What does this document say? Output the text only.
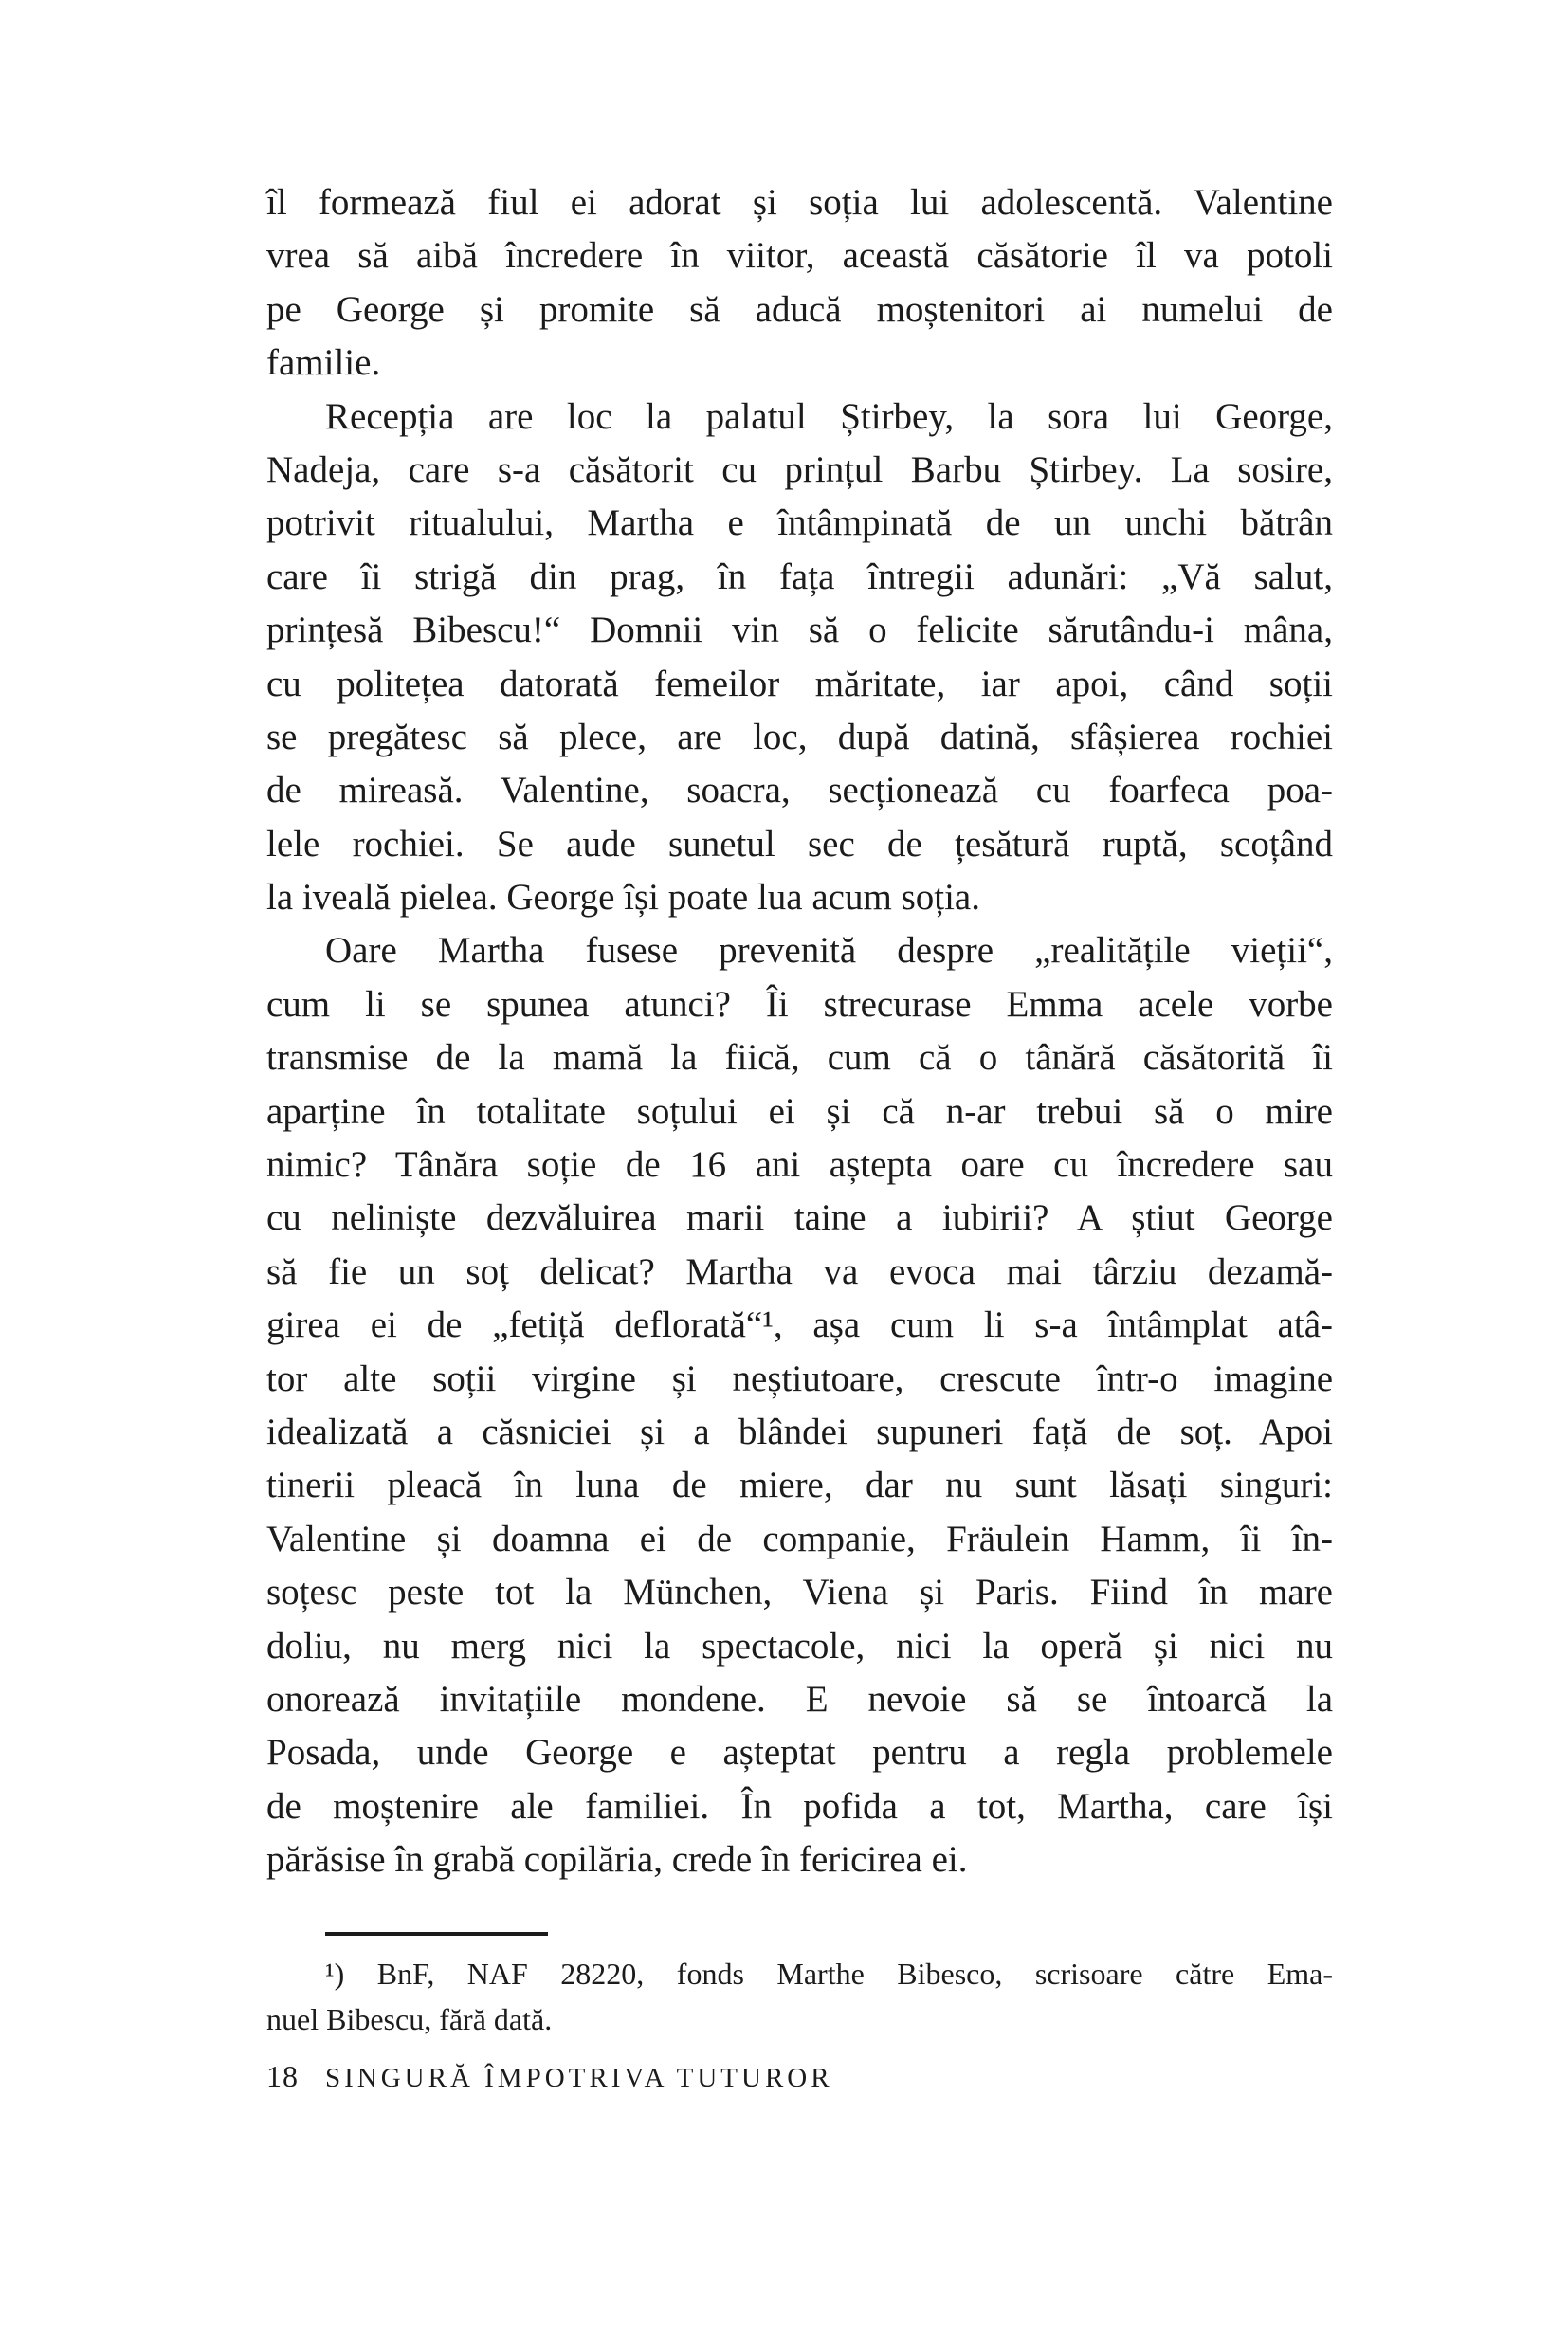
îl formează fiul ei adorat și soția lui adolescentă. Valentine
vrea să aibă încredere în viitor, această căsătorie îl va potoli
pe George și promite să aducă moștenitori ai numelui de
familie.
Recepția are loc la palatul Știrbey, la sora lui George,
Nadeja, care s-a căsătorit cu prințul Barbu Știrbey. La sosire,
potrivit ritualului, Martha e întâmpinată de un unchi bătrân
care îi strigă din prag, în fața întregii adunări: „Vă salut,
prințesă Bibescu!“ Domnii vin să o felicite sărutându-i mâna,
cu politețea datorată femeilor măritate, iar apoi, când soții
se pregătesc să plece, are loc, după datină, sfâșierea rochiei
de mireasă. Valentine, soacra, secționează cu foarfeca poa-
lele rochiei. Se aude sunetul sec de țesătură ruptă, scoțând
la iveală pielea. George își poate lua acum soția.
Oare Martha fusese prevenită despre „realitățile vieții“,
cum li se spunea atunci? Îi strecurase Emma acele vorbe
transmise de la mamă la fiică, cum că o tânără căsătorită îi
aparține în totalitate soțului ei și că n-ar trebui să o mire
nimic? Tânăra soție de 16 ani aștepta oare cu încredere sau
cu neliniște dezvăluirea marii taine a iubirii? A știut George
să fie un soț delicat? Martha va evoca mai târziu dezamă-
girea ei de „fetiță deflorată“¹, așa cum li s-a întâmplat atâ-
tor alte soții virgine și neștiutoare, crescute într-o imagine
idealizată a căsniciei și a blândei supuneri față de soț. Apoi
tinerii pleacă în luna de miere, dar nu sunt lăsați singuri:
Valentine și doamna ei de companie, Fräulein Hamm, îi în-
soțesc peste tot la München, Viena și Paris. Fiind în mare
doliu, nu merg nici la spectacole, nici la operă și nici nu
onorează invitațiile mondene. E nevoie să se întoarcă la
Posada, unde George e așteptat pentru a regla problemele
de moștenire ale familiei. În pofida a tot, Martha, care își
părăsise în grabă copilăria, crede în fericirea ei.
¹) BnF, NAF 28220, fonds Marthe Bibesco, scrisoare către Ema-
nuel Bibescu, fără dată.
18 SINGURĂ ÎMPOTRIVA TUTUROR
